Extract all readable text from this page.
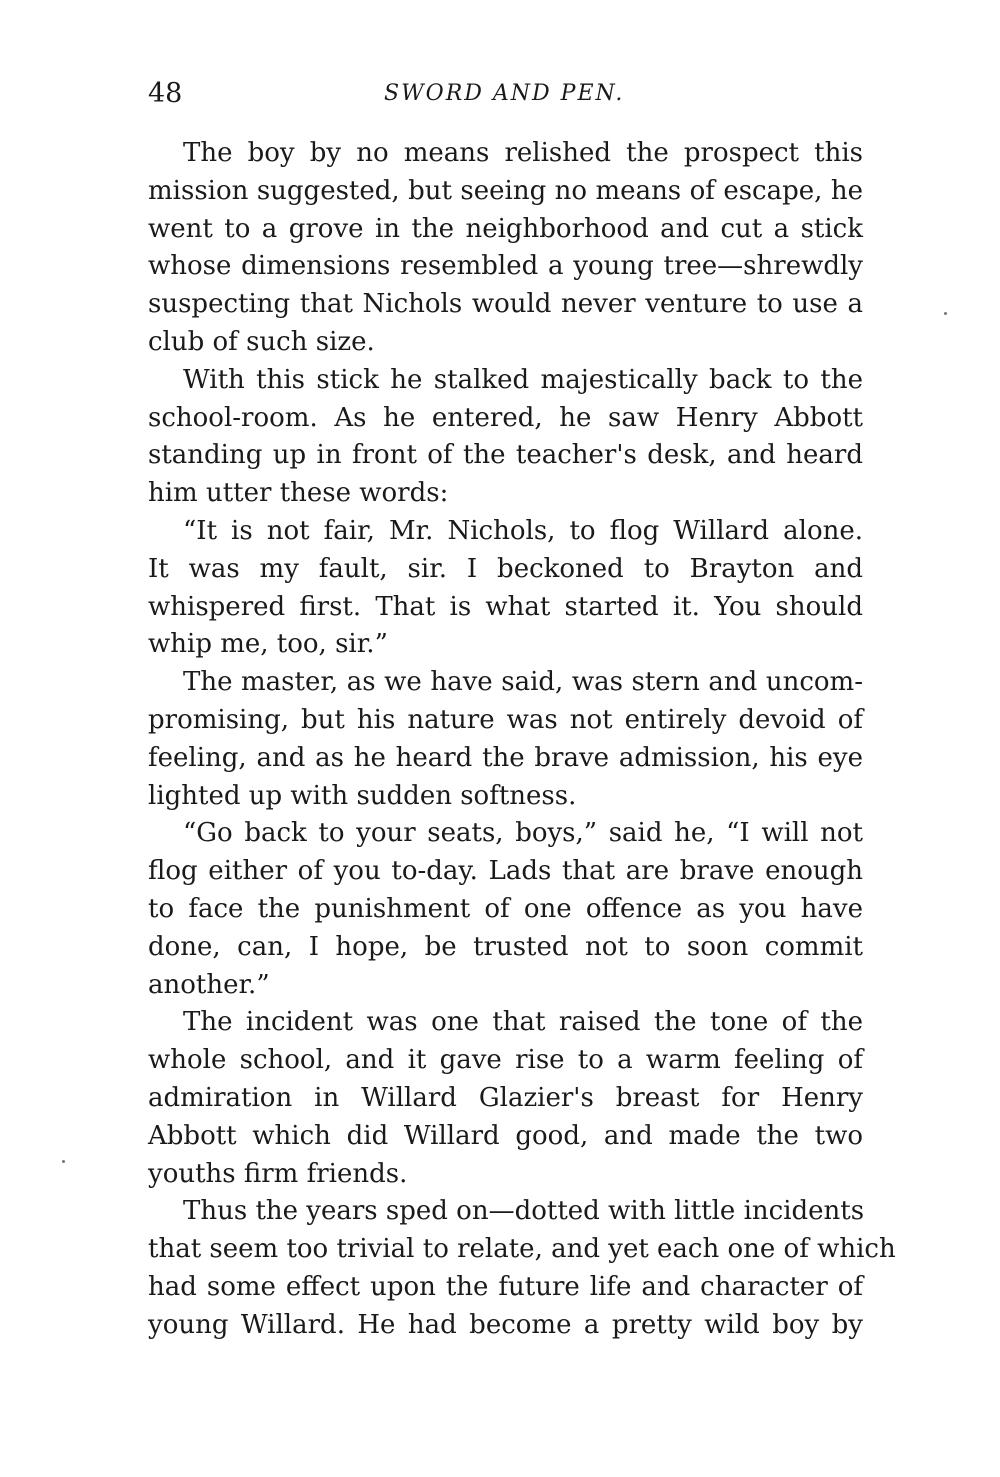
48	SWORD AND PEN.
The boy by no means relished the prospect this
mission suggested, but seeing no means of escape, he
went to a grove in the neighborhood and cut a stick
whose dimensions resembled a young tree—shrewdly
suspecting that Nichols would never venture to use a
club of such size.
With this stick he stalked majestically back to the
school-room. As he entered, he saw Henry Abbott
standing up in front of the teacher's desk, and heard
him utter these words:
“It is not fair, Mr. Nichols, to flog Willard alone.
It was my fault, sir. I beckoned to Brayton and
whispered first. That is what started it. You should
whip me, too, sir.”
The master, as we have said, was stern and uncom-
promising, but his nature was not entirely devoid of
feeling, and as he heard the brave admission, his eye
lighted up with sudden softness.
“Go back to your seats, boys,” said he, “I will not
flog either of you to-day. Lads that are brave enough
to face the punishment of one offence as you have
done, can, I hope, be trusted not to soon commit
another.”
The incident was one that raised the tone of the
whole school, and it gave rise to a warm feeling of
admiration in Willard Glazier's breast for Henry
Abbott which did Willard good, and made the two
youths firm friends.
Thus the years sped on—dotted with little incidents
that seem too trivial to relate, and yet each one of which
had some effect upon the future life and character of
young Willard. He had become a pretty wild boy by
